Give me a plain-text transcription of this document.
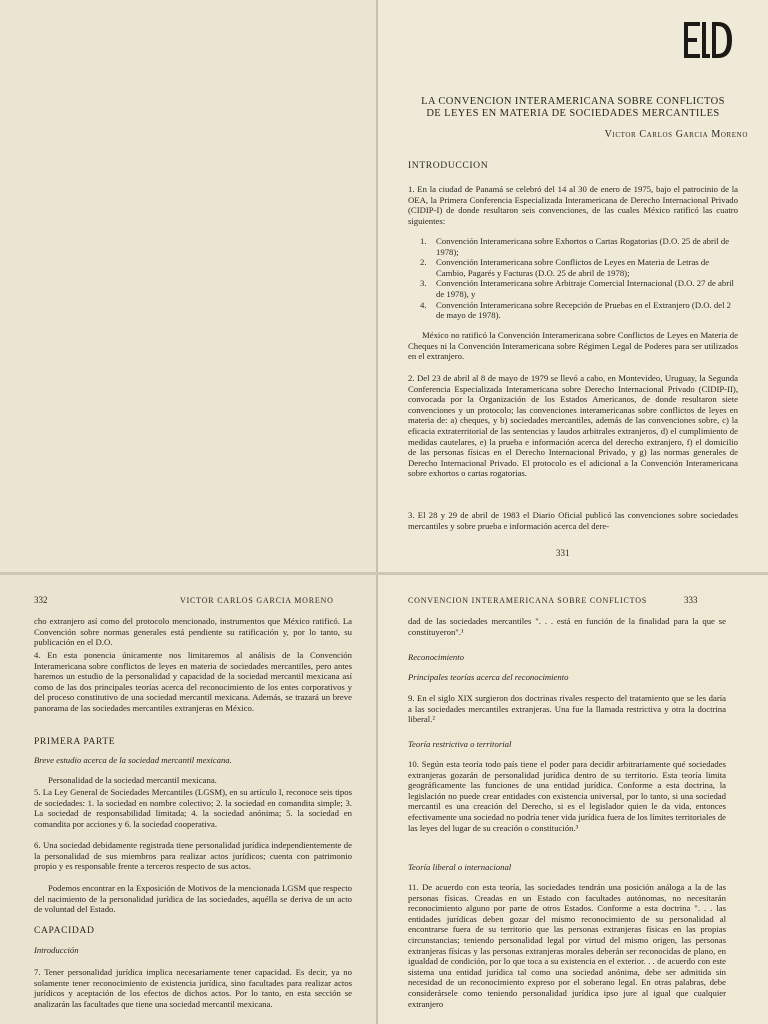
LA CONVENCION INTERAMERICANA SOBRE CONFLICTOS
DE LEYES EN MATERIA DE SOCIEDADES MERCANTILES
Victor Carlos Garcia Moreno
INTRODUCCION

1. En la ciudad de Panamá se celebró del 14 al 30 de enero de 1975, bajo el patrocinio de la OEA, la Primera Conferencia Especializada Interamericana de Derecho Internacional Privado (CIDIP-I) de donde resultaron seis convenciones, de las cuales México ratificó las cuatro siguientes:

1.	Convención Interamericana sobre Exhortos o Cartas Rogatorias (D.O. 25 de abril de 1978);
2.	Convención Interamericana sobre Conflictos de Leyes en Materia de Letras de Cambio, Pagarés y Facturas (D.O. 25 de abril de 1978);
3.	Convención Interamericana sobre Arbitraje Comercial Internacional (D.O. 27 de abril de 1978), y
4.	Convención Interamericana sobre Recepción de Pruebas en el Extranjero (D.O. del 2 de mayo de 1978).

México no ratificó la Convención Interamericana sobre Conflictos de Leyes en Materia de Cheques ni la Convención Interamericana sobre Régimen Legal de Poderes para ser utilizados en el extranjero.

2. Del 23 de abril al 8 de mayo de 1979 se llevó a cabo, en Montevideo, Uruguay, la Segunda Conferencia Especializada Interamericana sobre Derecho Internacional Privado (CIDIP-II), convocada por la Organización de los Estados Americanos, de donde resultaron siete convenciones y un protocolo; las convenciones interamericanas sobre conflictos de leyes en materia de: a) cheques, y b) sociedades mercantiles, además de las convenciones sobre, c) la eficacia extraterritorial de las sentencias y laudos arbitrales extranjeros, d) el cumplimiento de medidas cautelares, e) la prueba e información acerca del derecho extranjero, f) el domicilio de las personas físicas en el Derecho Internacional Privado, y g) las normas generales de Derecho Internacional Privado. El protocolo es el adicional a la Convención Interamericana sobre exhortos o cartas rogatorias.

3. El 28 y 29 de abril de 1983 el Diario Oficial publicó las convenciones sobre sociedades mercantiles y sobre prueba e información acerca del dere-

331
332	VICTOR CARLOS GARCIA MORENO

cho extranjero así como del protocolo mencionado, instrumentos que México ratificó. La Convención sobre normas generales está pendiente su ratificación y, por lo tanto, su publicación en el D.O.

4. En esta ponencia únicamente nos limitaremos al análisis de la Convención Interamericana sobre conflictos de leyes en materia de sociedades mercantiles, pero antes haremos un estudio de la personalidad y capacidad de la sociedad mercantil mexicana así como de las dos principales teorías acerca del reconocimiento de los entes corporativos y del proceso constitutivo de una sociedad mercantil mexicana. Además, se trazará un breve panorama de las sociedades mercantiles extranjeras en México.

PRIMERA PARTE
Breve estudio acerca de la sociedad mercantil mexicana.

Personalidad de la sociedad mercantil mexicana.

5. La Ley General de Sociedades Mercantiles (LGSM), en su artículo I, reconoce seis tipos de sociedades: 1. la sociedad en nombre colectivo; 2. la sociedad en comandita simple; 3. La sociedad de responsabilidad limitada; 4. la sociedad anónima; 5. la sociedad en comandita por acciones y 6. la sociedad cooperativa.

6. Una sociedad debidamente registrada tiene personalidad jurídica independientemente de la personalidad de sus miembros para realizar actos jurídicos; cuenta con patrimonio propio y es responsable frente a terceros respecto de sus actos.

Podemos encontrar en la Exposición de Motivos de la mencionada LGSM que respecto del nacimiento de la personalidad jurídica de las sociedades, aquélla se deriva de un acto de voluntad del Estado.

CAPACIDAD
Introducción

7. Tener personalidad jurídica implica necesariamente tener capacidad. Es decir, ya no solamente tener reconocimiento de existencia jurídica, sino facultades para realizar actos jurídicos y aceptación de los efectos de dichos actos. Por lo tanto, en esta sección se analizarán las facultades que tiene una sociedad mercantil mexicana.

CONVENCION INTERAMERICANA SOBRE CONFLICTOS	333

dad de las sociedades mercantiles ". . . está en función de la finalidad para la que se constituyeron".¹

Reconocimiento
Principales teorías acerca del reconocimiento

9. En el siglo XIX surgieron dos doctrinas rivales respecto del tratamiento que se les daría a las sociedades mercantiles extranjeras. Una fue la llamada restrictiva y otra la doctrina liberal.²

Teoría restrictiva o territorial

10. Según esta teoría todo país tiene el poder para decidir arbitrariamente qué sociedades extranjeras gozarán de personalidad jurídica dentro de su territorio. Esta teoría limita geográficamente las funciones de una entidad jurídica. Conforme a esta doctrina, la legislación no puede crear entidades con existencia universal, por lo tanto, si una sociedad mercantil es una creación del Derecho, si es el legislador quien le da vida, entonces efectivamente una sociedad no podría tener vida jurídica fuera de los límites territoriales de las leyes del lugar de su creación o constitución.³

Teoría liberal o internacional

11. De acuerdo con esta teoría, las sociedades tendrán una posición análoga a la de las personas físicas. Creadas en un Estado con facultades autónomas, no necesitarán reconocimiento alguno por parte de otros Estados. Conforme a esta doctrina ". . . las entidades jurídicas deben gozar del mismo reconocimiento de su personalidad al encontrarse fuera de su territorio que las personas extranjeras físicas en las propias circunstancias; teniendo personalidad legal por virtud del mismo origen, las personas extranjeras físicas y las personas extranjeras morales deberán ser reconocidas de plano, en igualdad de condición, por lo que toca a su existencia en el exterior. . . de acuerdo con este sistema una entidad jurídica tal como una sociedad anónima, debe ser admitida sin necesidad de un reconocimiento expreso por el soberano legal. En otras palabras, debe considerársele como teniendo personalidad jurídica ipso jure al igual que cualquier extranjero
